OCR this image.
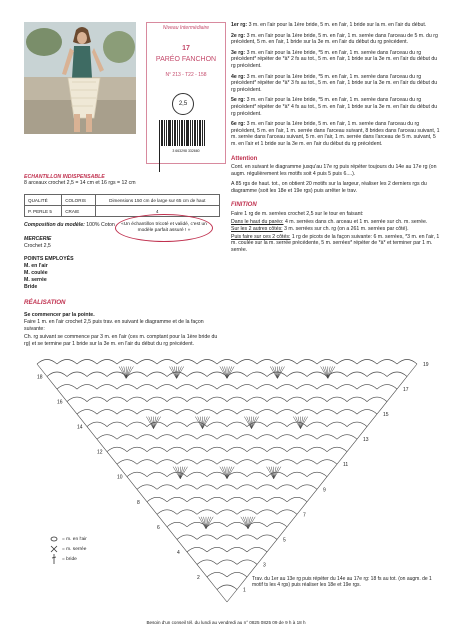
Niveau Intermédiaire
17
PARÉO FANCHON
N° 213 - T22 - 158
2,5
3 663298 332660
ECHANTILLON INDISPENSABLE
8 arceaux crochet 2,5 = 14 cm et 16 rgs = 12 cm
QUALITÉ	COLORIS	Dimensions 150 cm de large sur 65 cm de haut
P. PERLE 5	CRAIE	4
Composition du modèle: 100% Coton
MERCERIE
Crochet 2,5
POINTS EMPLOYÉS
M. en l'air
M. coulée
M. serrée
Bride
«Un échantillon tricoté et validé, c'est un modèle parfait assuré ! »
RÉALISATION
Se commencer par la pointe.
Faire 1 m. en l'air crochet 2,5 puis trav. en suivant le diagramme et de la façon suivante:
Ch. rg suivant se commence par 3 m. en l'air (ces m. comptant pour la 1ère bride du rg) et se termine par 1 bride sur la 3e m. en l'air du début du rg précédent.

1er rg: 3 m. en l'air pour la 1ère bride, 5 m. en l'air, 1 bride sur la m. en l'air du début.

2e rg: 3 m. en l'air pour la 1ère bride, 5 m. en l'air, 1 m. serrée dans l'arceau de 5 m. du rg précédent, 5 m. en l'air, 1 bride sur la 3e m. en l'air du début du rg précédent.

3e rg: 3 m. en l'air pour la 1ère bride, *5 m. en l'air, 1 m. serrée dans l'arceau du rg précédent* répéter de *à* 2 fs au tot., 5 m. en l'air, 1 bride sur la 3e m. en l'air du début du rg précédent.

4e rg: 3 m. en l'air pour la 1ère bride, *5 m. en l'air, 1 m. serrée dans l'arceau du rg précédent* répéter de *à* 3 fs au tot., 5 m. en l'air, 1 bride sur la 3e m. en l'air du début du rg précédent.

5e rg: 3 m. en l'air pour la 1ère bride, *5 m. en l'air, 1 m. serrée dans l'arceau du rg précédent* répéter de *à* 4 fs au tot., 5 m. en l'air, 1 bride sur la 3e m. en l'air du début du rg précédent.

6e rg: 3 m. en l'air pour la 1ère bride, 5 m. en l'air, 1 m. serrée dans l'arceau du rg précédent, 5 m. en l'air, 1 m. serrée dans l'arceau suivant, 8 brides dans l'arceau suivant, 1 m. serrée dans l'arceau suivant, 5 m. en l'air, 1 m. serrée dans l'arceau de 5 m. suivant, 5 m. en l'air et 1 bride sur la 3e m. en l'air du début du rg précédent.

Attention

Cont. en suivant le diagramme jusqu'au 17e rg puis répéter toujours du 14e au 17e rg (on augm. régulièrement les motifs soit 4 puis 5 puis 6....).

A 85 rgs de haut. tot., on obtient 20 motifs sur la largeur, réaliser les 2 derniers rgs du diagramme (soit les 18e et 19e rgs) puis arrêter le trav.

FINITION

Faire 1 rg de m. serrées crochet 2,5 sur le tour en faisant:

Dans le haut du paréo: 4 m. serrées dans ch. arceau et 1 m. serrée sur ch. m. serrée.

Sur les 2 autres côtés: 3 m. serrées sur ch. rg (on a 261 m. serrées par côté).

Puis faire sur ces 2 côtés: 1 rg de picots de la façon suivante: 6 m. serrées, *3 m. en l'air, 1 m. coulée sur la m. serrée précédente, 5 m. serrées* répéter de *à* et terminer par 1 m. serrée.

1
2
3
4
5
6
7
8
9
10
11
12
13
14
15
16
17
18
19
= m. en l'air
= m. serrée
= bride
Trav. du 1er au 13e rg puis répéter du 14e au 17e rg: 18 fs au tot. (on augm. de 1 motif ts les 4 rgs) puis réaliser les 18e et 19e rgs.
Besoin d'un conseil tél. du lundi au vendredi au n° 0825 0825 09 de 9 h à 18 h
